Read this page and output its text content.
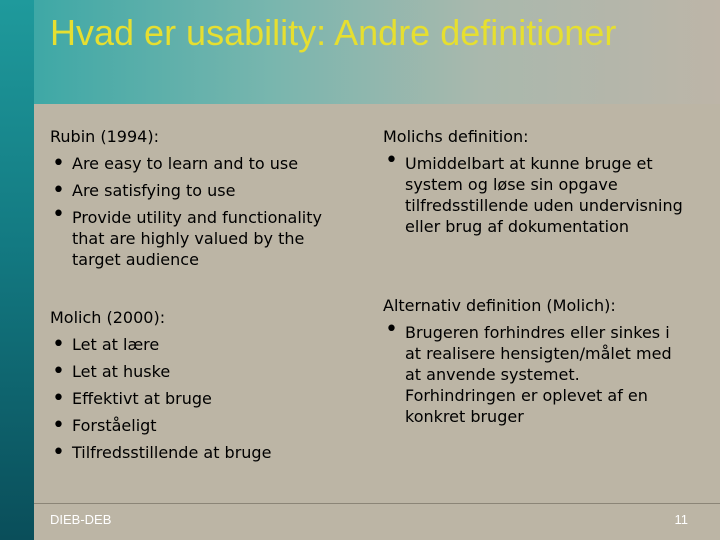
Hvad er usability: Andre definitioner

Rubin (1994):

• Are easy to learn and to use
• Are satisfying to use
• Provide utility and functionality that are highly valued by the target audience

Molich (2000):

• Let at lære
• Let at huske
• Effektivt at bruge
• Forståeligt
• Tilfredsstillende at bruge

Molichs definition:

• Umiddelbart at kunne bruge et system og løse sin opgave tilfredsstillende uden undervisning eller brug af dokumentation

Alternativ definition (Molich):

• Brugeren forhindres eller sinkes i at realisere hensigten/målet med at anvende systemet. Forhindringen er oplevet af en konkret bruger

DIEB-DEB	11
